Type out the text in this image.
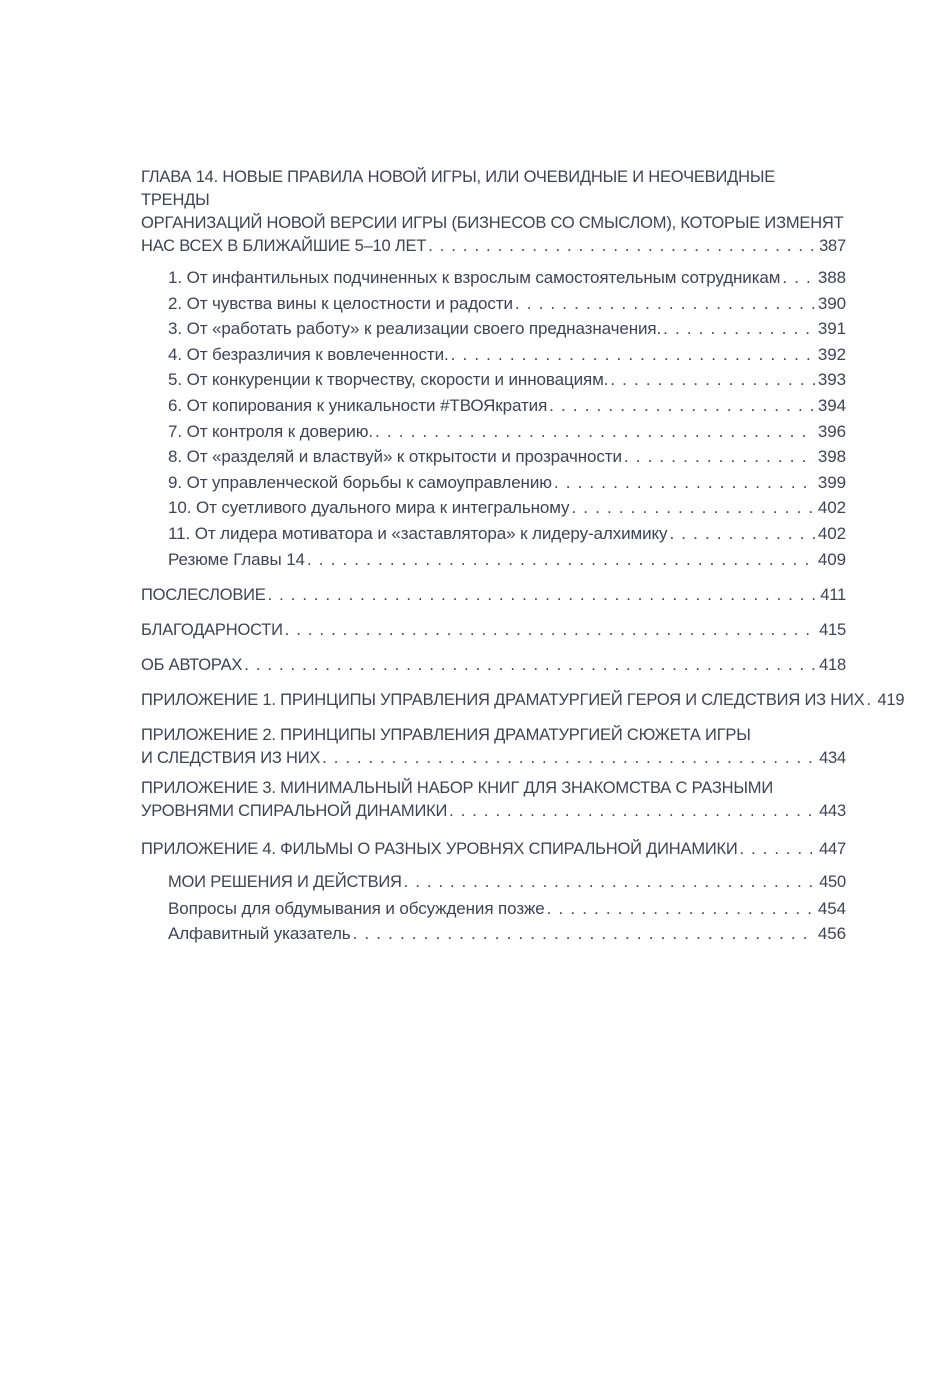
ГЛАВА 14. НОВЫЕ ПРАВИЛА НОВОЙ ИГРЫ, ИЛИ ОЧЕВИДНЫЕ И НЕОЧЕВИДНЫЕ ТРЕНДЫ
ОРГАНИЗАЦИЙ НОВОЙ ВЕРСИИ ИГРЫ (БИЗНЕСОВ СО СМЫСЛОМ), КОТОРЫЕ ИЗМЕНЯТ
НАС ВСЕХ В БЛИЖАЙШИЕ 5–10 ЛЕТ . . .	387
1. От инфантильных подчиненных к взрослым самостоятельным сотрудникам . . . 388
2. От чувства вины к целостности и радости . . .	390
3. От «работать работу» к реализации своего предназначения. . . .	391
4. От безразличия к вовлеченности. . . .	392
5. От конкуренции к творчеству, скорости и инновациям. . . .	393
6. От копирования к уникальности #ТВОЯкратия . . .	394
7. От контроля к доверию. . . .	396
8. От «разделяй и властвуй» к открытости и прозрачности . . .	398
9. От управленческой борьбы к самоуправлению . . .	399
10. От суетливого дуального мира к интегральному . . .	402
11. От лидера мотиватора и «заставлятора» к лидеру-алхимику . . .	402
Резюме Главы 14 . . .	409
ПОСЛЕСЛОВИЕ . . .	411
БЛАГОДАРНОСТИ . . .	415
ОБ АВТОРАХ . . .	418
ПРИЛОЖЕНИЕ 1. ПРИНЦИПЫ УПРАВЛЕНИЯ ДРАМАТУРГИЕЙ ГЕРОЯ И СЛЕДСТВИЯ ИЗ НИХ . . . 419
ПРИЛОЖЕНИЕ 2. ПРИНЦИПЫ УПРАВЛЕНИЯ ДРАМАТУРГИЕЙ СЮЖЕТА ИГРЫ
И СЛЕДСТВИЯ ИЗ НИХ . . .	434
ПРИЛОЖЕНИЕ 3. МИНИМАЛЬНЫЙ НАБОР КНИГ ДЛЯ ЗНАКОМСТВА С РАЗНЫМИ
УРОВНЯМИ СПИРАЛЬНОЙ ДИНАМИКИ . . .	443
ПРИЛОЖЕНИЕ 4. ФИЛЬМЫ О РАЗНЫХ УРОВНЯХ СПИРАЛЬНОЙ ДИНАМИКИ . . .	447
МОИ РЕШЕНИЯ И ДЕЙСТВИЯ . . .	450
Вопросы для обдумывания и обсуждения позже . . .	454
Алфавитный указатель . . .	456
